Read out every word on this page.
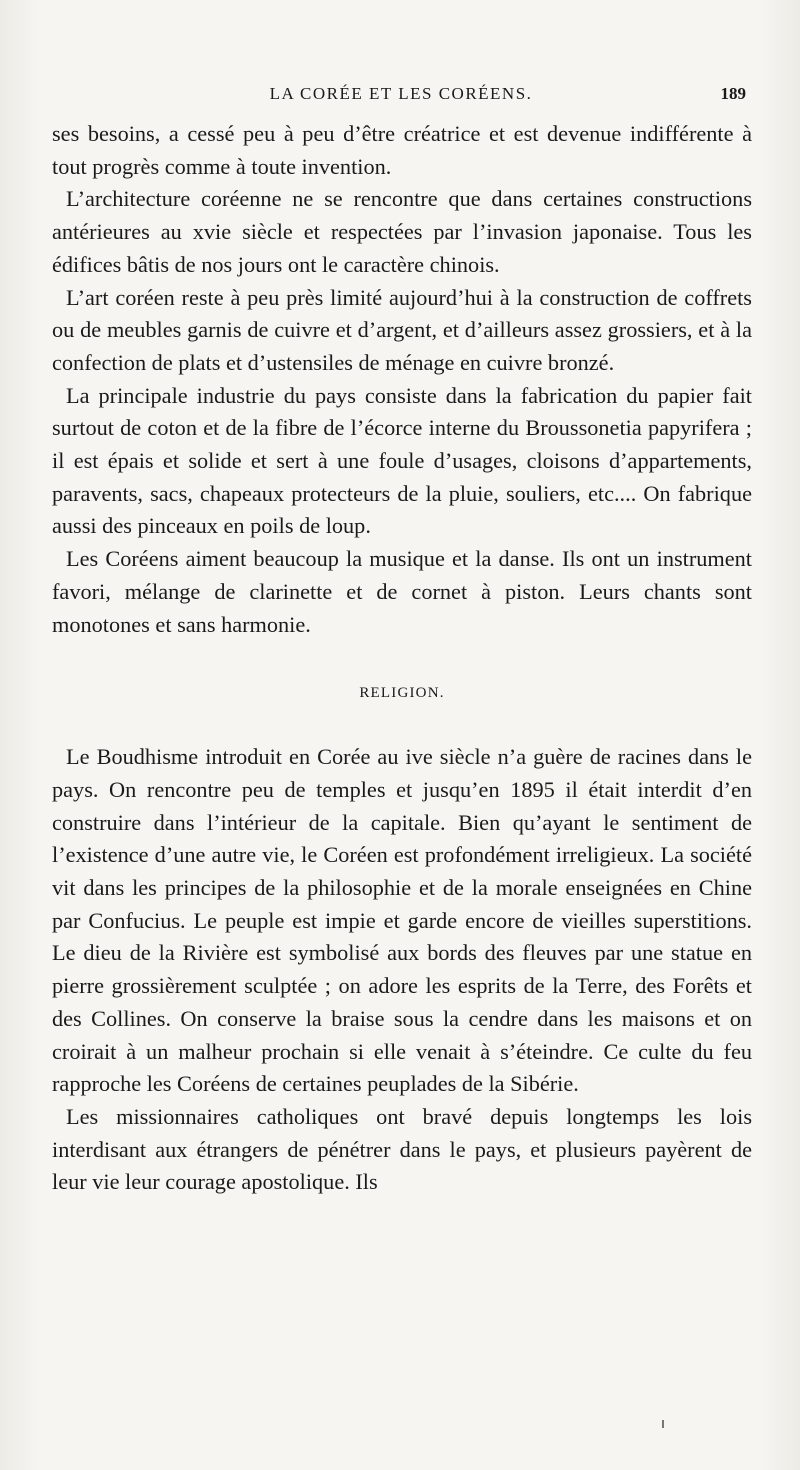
LA CORÉE ET LES CORÉENS.	189

ses besoins, a cessé peu à peu d’être créatrice et est devenue indifférente à tout progrès comme à toute invention.

L’architecture coréenne ne se rencontre que dans certaines constructions antérieures au xvie siècle et respectées par l’invasion japonaise. Tous les édifices bâtis de nos jours ont le caractère chinois.

L’art coréen reste à peu près limité aujourd’hui à la construction de coffrets ou de meubles garnis de cuivre et d’argent, et d’ailleurs assez grossiers, et à la confection de plats et d’ustensiles de ménage en cuivre bronzé.

La principale industrie du pays consiste dans la fabrication du papier fait surtout de coton et de la fibre de l’écorce interne du Broussonetia papyrifera ; il est épais et solide et sert à une foule d’usages, cloisons d’appartements, paravents, sacs, chapeaux protecteurs de la pluie, souliers, etc.... On fabrique aussi des pinceaux en poils de loup.

Les Coréens aiment beaucoup la musique et la danse. Ils ont un instrument favori, mélange de clarinette et de cornet à piston. Leurs chants sont monotones et sans harmonie.

RELIGION.

Le Boudhisme introduit en Corée au ive siècle n’a guère de racines dans le pays. On rencontre peu de temples et jusqu’en 1895 il était interdit d’en construire dans l’intérieur de la capitale. Bien qu’ayant le sentiment de l’existence d’une autre vie, le Coréen est profondément irreligieux. La société vit dans les principes de la philosophie et de la morale enseignées en Chine par Confucius. Le peuple est impie et garde encore de vieilles superstitions. Le dieu de la Rivière est symbolisé aux bords des fleuves par une statue en pierre grossièrement sculptée ; on adore les esprits de la Terre, des Forêts et des Collines. On conserve la braise sous la cendre dans les maisons et on croirait à un malheur prochain si elle venait à s’éteindre. Ce culte du feu rapproche les Coréens de certaines peuplades de la Sibérie.

Les missionnaires catholiques ont bravé depuis longtemps les lois interdisant aux étrangers de pénétrer dans le pays, et plusieurs payèrent de leur vie leur courage apostolique. Ils
